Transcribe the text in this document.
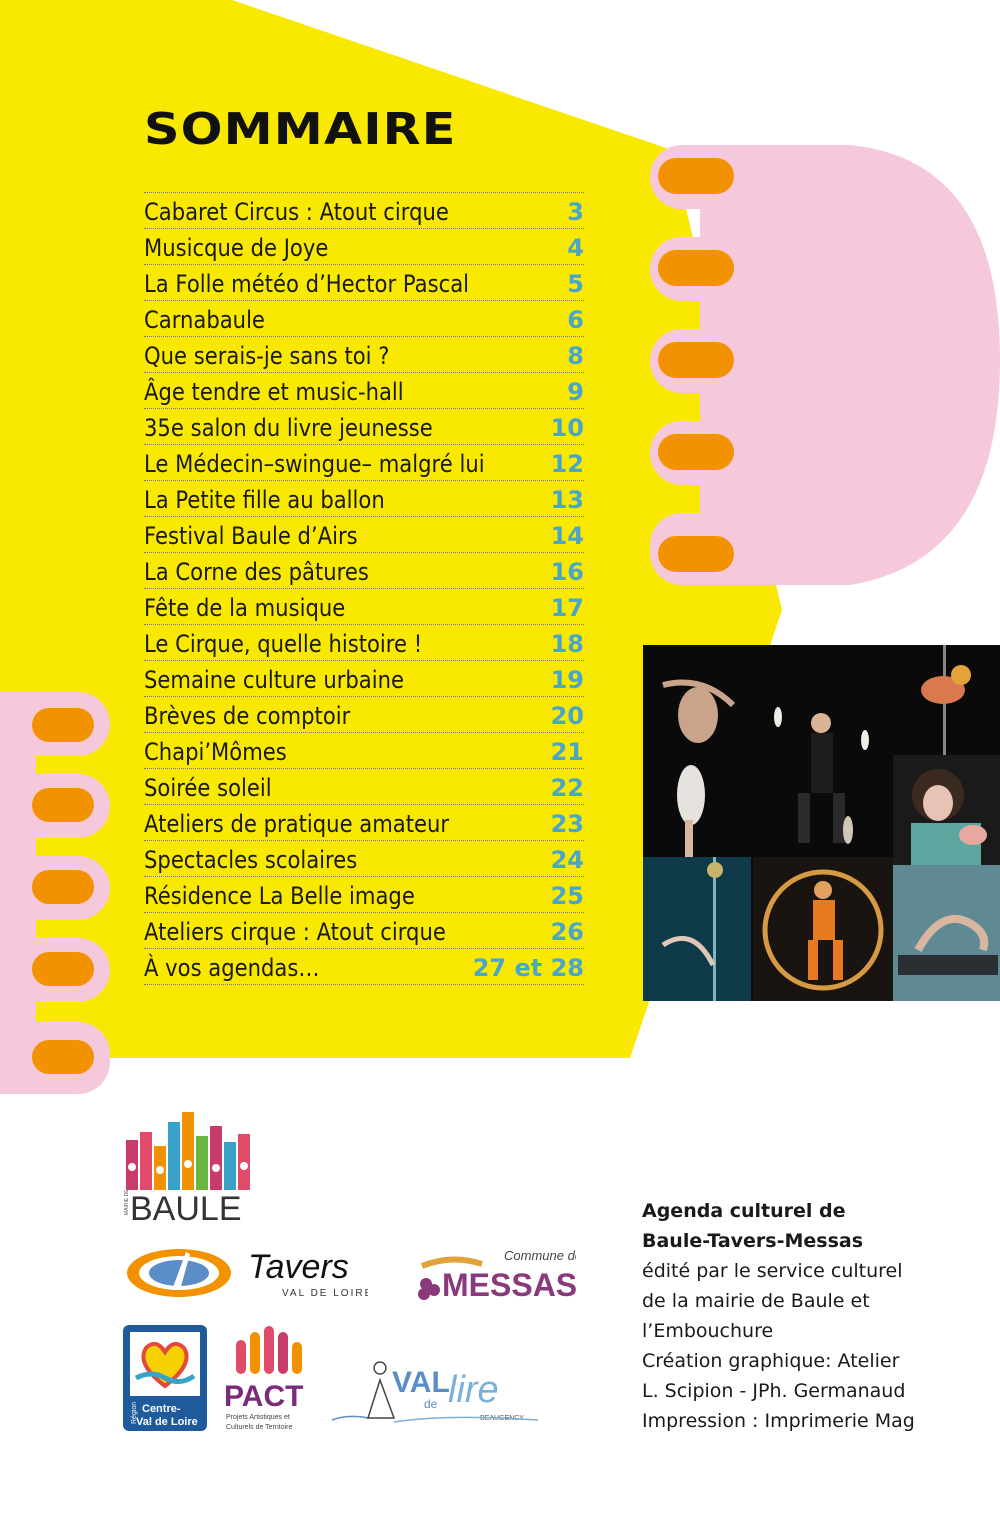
SOMMAIRE
Cabaret Circus : Atout cirque	3
Musicque de Joye	4
La Folle météo d’Hector Pascal	5
Carnabaule	6
Que serais-je sans toi ?	8
Âge tendre et music-hall	9
35e salon du livre jeunesse	10
Le Médecin–swingue– malgré lui	12
La Petite fille au ballon	13
Festival Baule d’Airs	14
La Corne des pâtures	16
Fête de la musique	17
Le Cirque, quelle histoire !	18
Semaine culture urbaine	19
Brèves de comptoir	20
Chapi’Mômes	21
Soirée soleil	22
Ateliers de pratique amateur	23
Spectacles scolaires	24
Résidence La Belle image	25
Ateliers cirque : Atout cirque	26
À vos agendas…	27 et 28
MAIRIE DE BAULE
Tavers
VAL DE LOIRE
Commune de
MESSAS
Région Centre-
Val de Loire
PACT
Projets Artistiques et
Culturels de Territoire
VAL
de lire
BEAUGENCY
Agenda culturel de
Baule-Tavers-Messas
édité par le service culturel
de la mairie de Baule et
l’Embouchure
Création graphique: Atelier
L. Scipion - JPh. Germanaud
Impression : Imprimerie Mag
